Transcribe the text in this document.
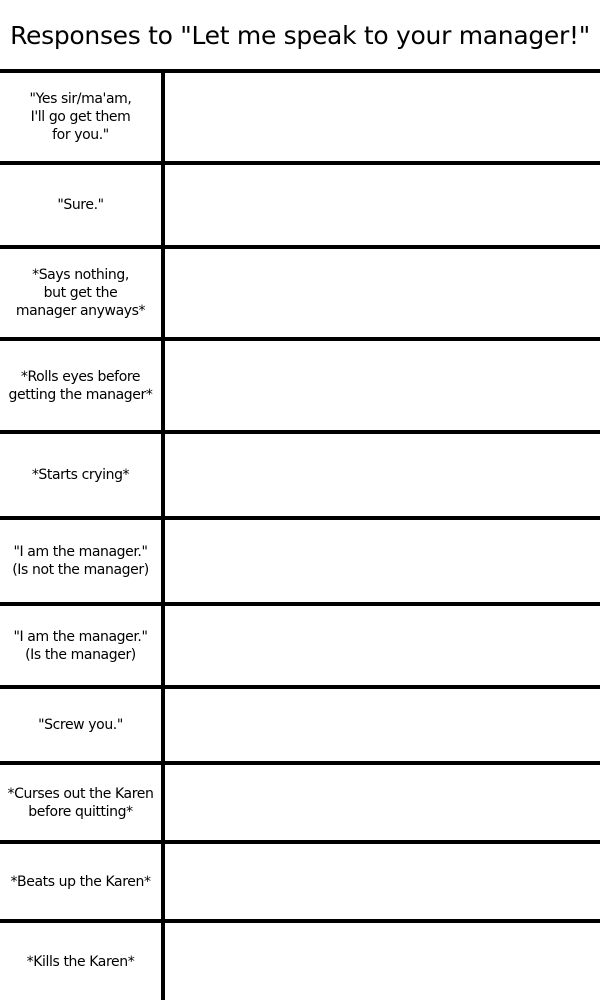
Responses to "Let me speak to your manager!"
"Yes sir/ma'am,
I'll go get them
for you."
"Sure."
*Says nothing,
but get the
manager anyways*
*Rolls eyes before
getting the manager*
*Starts crying*
"I am the manager."
(Is not the manager)
"I am the manager."
(Is the manager)
"Screw you."
*Curses out the Karen
before quitting*
*Beats up the Karen*
*Kills the Karen*
